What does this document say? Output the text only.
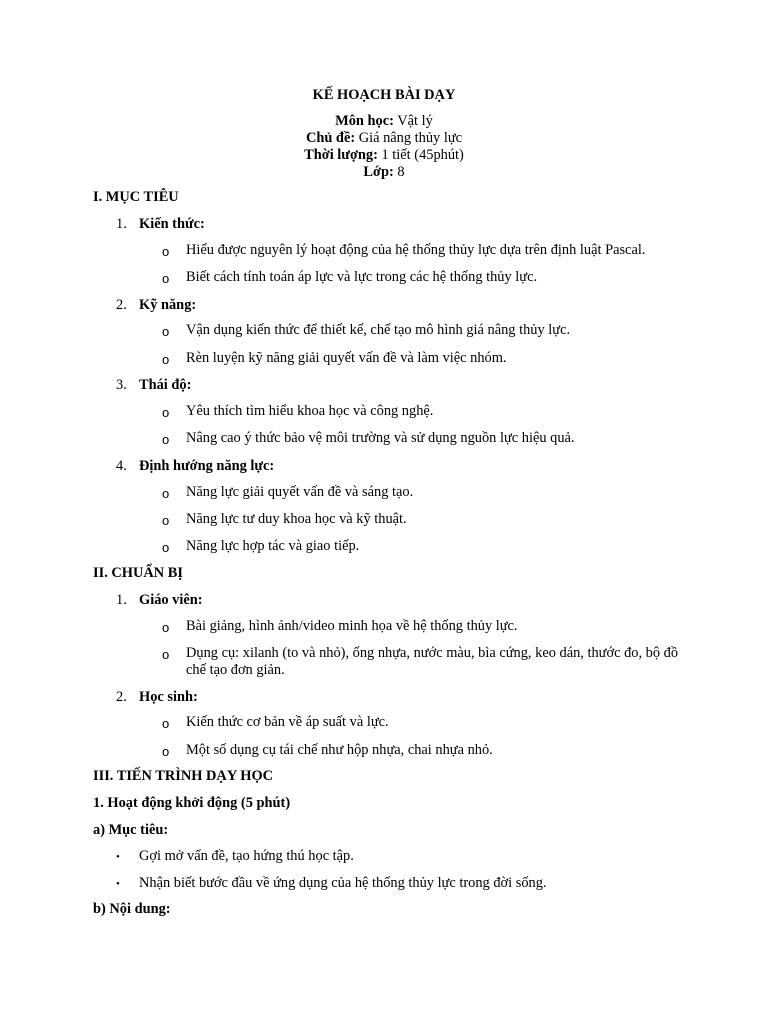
KẾ HOẠCH BÀI DẠY
Môn học: Vật lý
Chủ đề: Giá nâng thủy lực
Thời lượng: 1 tiết (45phút)
Lớp: 8
I. MỤC TIÊU
1. Kiến thức:
o Hiểu được nguyên lý hoạt động của hệ thống thủy lực dựa trên định luật Pascal.
o Biết cách tính toán áp lực và lực trong các hệ thống thủy lực.
2. Kỹ năng:
o Vận dụng kiến thức để thiết kế, chế tạo mô hình giá nâng thủy lực.
o Rèn luyện kỹ năng giải quyết vấn đề và làm việc nhóm.
3. Thái độ:
o Yêu thích tìm hiểu khoa học và công nghệ.
o Nâng cao ý thức bảo vệ môi trường và sử dụng nguồn lực hiệu quả.
4. Định hướng năng lực:
o Năng lực giải quyết vấn đề và sáng tạo.
o Năng lực tư duy khoa học và kỹ thuật.
o Năng lực hợp tác và giao tiếp.
II. CHUẨN BỊ
1. Giáo viên:
o Bài giảng, hình ảnh/video minh họa về hệ thống thủy lực.
o Dụng cụ: xilanh (to và nhỏ), ống nhựa, nước màu, bìa cứng, keo dán, thước đo, bộ đồ
chế tạo đơn giản.
2. Học sinh:
o Kiến thức cơ bản về áp suất và lực.
o Một số dụng cụ tái chế như hộp nhựa, chai nhựa nhỏ.
III. TIẾN TRÌNH DẠY HỌC
1. Hoạt động khởi động (5 phút)
a) Mục tiêu:
• Gợi mở vấn đề, tạo hứng thú học tập.
• Nhận biết bước đầu về ứng dụng của hệ thống thủy lực trong đời sống.
b) Nội dung:
